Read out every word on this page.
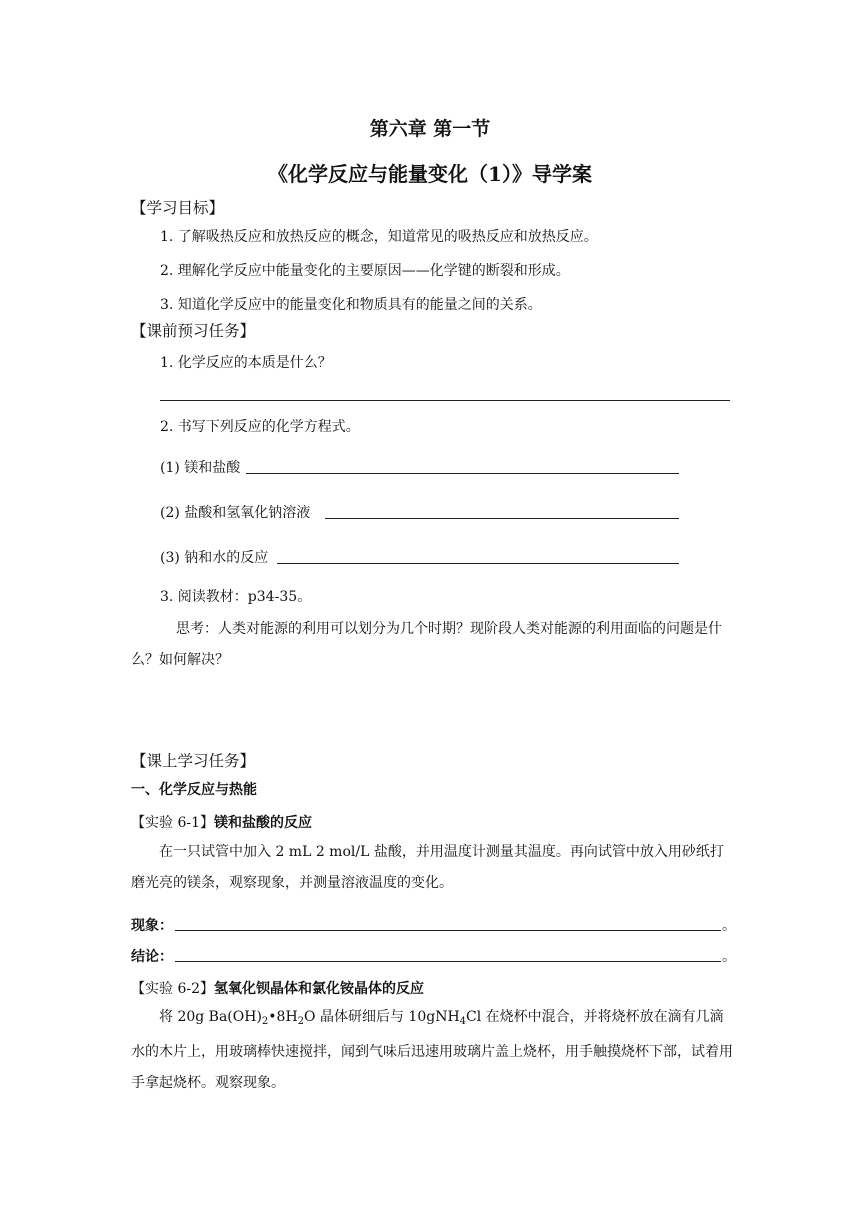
第六章 第一节
《化学反应与能量变化（1）》导学案
【学习目标】
1. 了解吸热反应和放热反应的概念，知道常见的吸热反应和放热反应。
2. 理解化学反应中能量变化的主要原因——化学键的断裂和形成。
3. 知道化学反应中的能量变化和物质具有的能量之间的关系。
【课前预习任务】
1. 化学反应的本质是什么？
2. 书写下列反应的化学方程式。
(1) 镁和盐酸
(2) 盐酸和氢氧化钠溶液
(3) 钠和水的反应
3. 阅读教材：p34-35。
思考：人类对能源的利用可以划分为几个时期？现阶段人类对能源的利用面临的问题是什么？如何解决？
【课上学习任务】
一、化学反应与热能
【实验 6-1】镁和盐酸的反应
在一只试管中加入 2 mL 2 mol/L 盐酸，并用温度计测量其温度。再向试管中放入用砂纸打磨光亮的镁条，观察现象，并测量溶液温度的变化。
现象：	。
结论：	。
【实验 6-2】氢氧化钡晶体和氯化铵晶体的反应
将 20g $Ba(OH)_2•8H_2O$ 晶体研细后与 10gNH$_4$Cl 在烧杯中混合，并将烧杯放在滴有几滴水的木片上，用玻璃棒快速搅拌，闻到气味后迅速用玻璃片盖上烧杯，用手触摸烧杯下部，试着用手拿起烧杯。观察现象。
